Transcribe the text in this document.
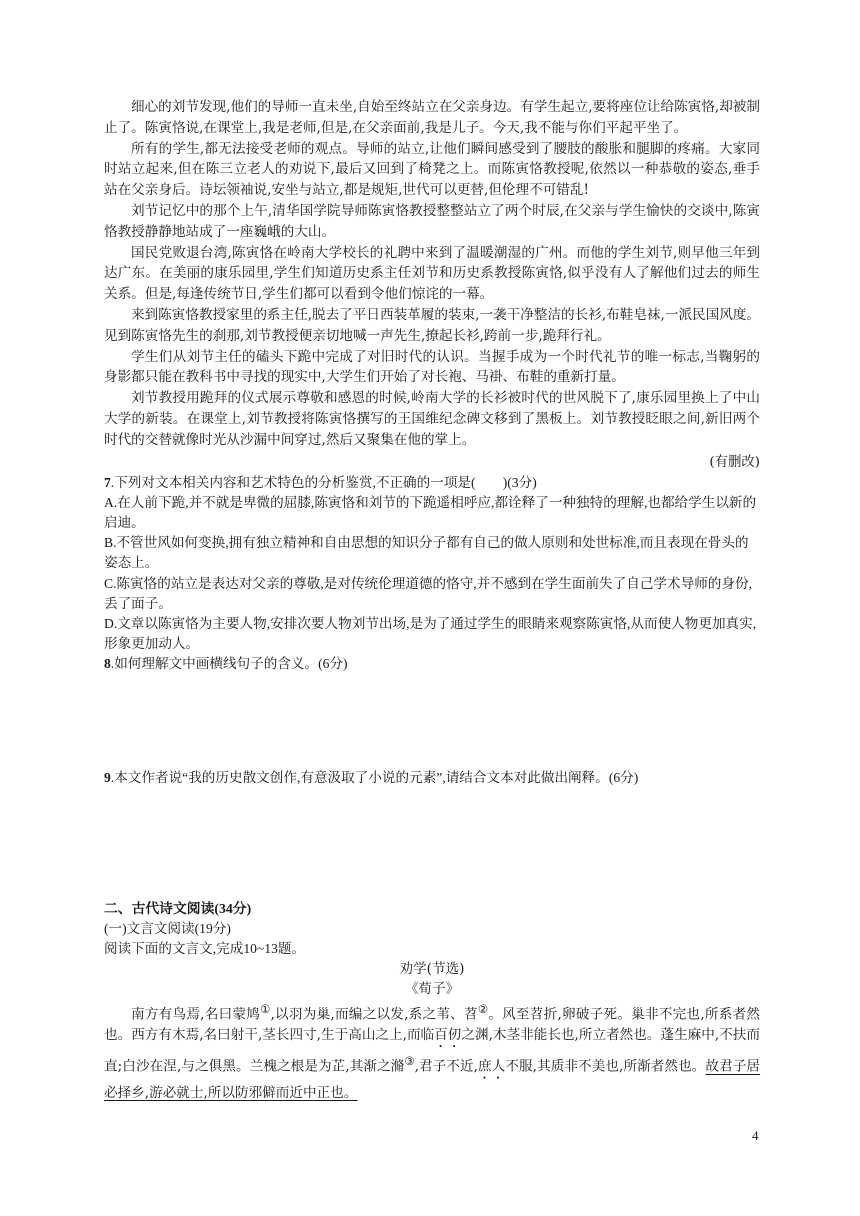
细心的刘节发现,他们的导师一直未坐,自始至终站立在父亲身边。有学生起立,要将座位让给陈寅恪,却被制止了。陈寅恪说,在课堂上,我是老师,但是,在父亲面前,我是儿子。今天,我不能与你们平起平坐了。

所有的学生,都无法接受老师的观点。导师的站立,让他们瞬间感受到了腰肢的酸胀和腿脚的疼痛。大家同时站立起来,但在陈三立老人的劝说下,最后又回到了椅凳之上。而陈寅恪教授呢,依然以一种恭敬的姿态,垂手站在父亲身后。诗坛领袖说,安坐与站立,都是规矩,世代可以更替,但伦理不可错乱!

刘节记忆中的那个上午,清华国学院导师陈寅恪教授整整站立了两个时辰,在父亲与学生愉快的交谈中,陈寅恪教授静静地站成了一座巍峨的大山。

国民党败退台湾,陈寅恪在岭南大学校长的礼聘中来到了温暖潮湿的广州。而他的学生刘节,则早他三年到达广东。在美丽的康乐园里,学生们知道历史系主任刘节和历史系教授陈寅恪,似乎没有人了解他们过去的师生关系。但是,每逢传统节日,学生们都可以看到令他们惊诧的一幕。

来到陈寅恪教授家里的系主任,脱去了平日西装革履的装束,一袭干净整洁的长衫,布鞋皂袜,一派民国风度。见到陈寅恪先生的刹那,刘节教授便亲切地喊一声先生,撩起长衫,跨前一步,跪拜行礼。

学生们从刘节主任的磕头下跪中完成了对旧时代的认识。当握手成为一个时代礼节的唯一标志,当鞠躬的身影都只能在教科书中寻找的现实中,大学生们开始了对长袍、马褂、布鞋的重新打量。

刘节教授用跪拜的仪式展示尊敬和感恩的时候,岭南大学的长衫被时代的世风脱下了,康乐园里换上了中山大学的新装。在课堂上,刘节教授将陈寅恪撰写的王国维纪念碑文移到了黑板上。刘节教授眨眼之间,新旧两个时代的交替就像时光从沙漏中间穿过,然后又聚集在他的掌上。

(有删改)

7.下列对文本相关内容和艺术特色的分析鉴赏,不正确的一项是(　　)(3分)

A.在人前下跪,并不就是卑微的屈膝,陈寅恪和刘节的下跪遥相呼应,都诠释了一种独特的理解,也都给学生以新的启迪。

B.不管世风如何变换,拥有独立精神和自由思想的知识分子都有自己的做人原则和处世标准,而且表现在骨头的姿态上。

C.陈寅恪的站立是表达对父亲的尊敬,是对传统伦理道德的恪守,并不感到在学生面前失了自己学术导师的身份,丢了面子。

D.文章以陈寅恪为主要人物,安排次要人物刘节出场,是为了通过学生的眼睛来观察陈寅恪,从而使人物更加真实,形象更加动人。

8.如何理解文中画横线句子的含义。(6分)

9.本文作者说“我的历史散文创作,有意汲取了小说的元素”,请结合文本对此做出阐释。(6分)

二、古代诗文阅读(34分)

(一)文言文阅读(19分)

阅读下面的文言文,完成10~13题。

劝学(节选)

《荀子》

南方有鸟焉,名曰蒙鸠①,以羽为巢,而编之以发,系之苇、苕②。风至苕折,卵破子死。巢非不完也,所系者然也。西方有木焉,名曰射干,茎长四寸,生于高山之上,而临百仞之渊,木茎非能长也,所立者然也。蓬生麻中,不扶而直;白沙在涅,与之俱黑。兰槐之根是为芷,其渐之滫③,君子不近,庶人不服,其质非不美也,所渐者然也。故君子居必择乡,游必就士,所以防邪僻而近中正也。

4
